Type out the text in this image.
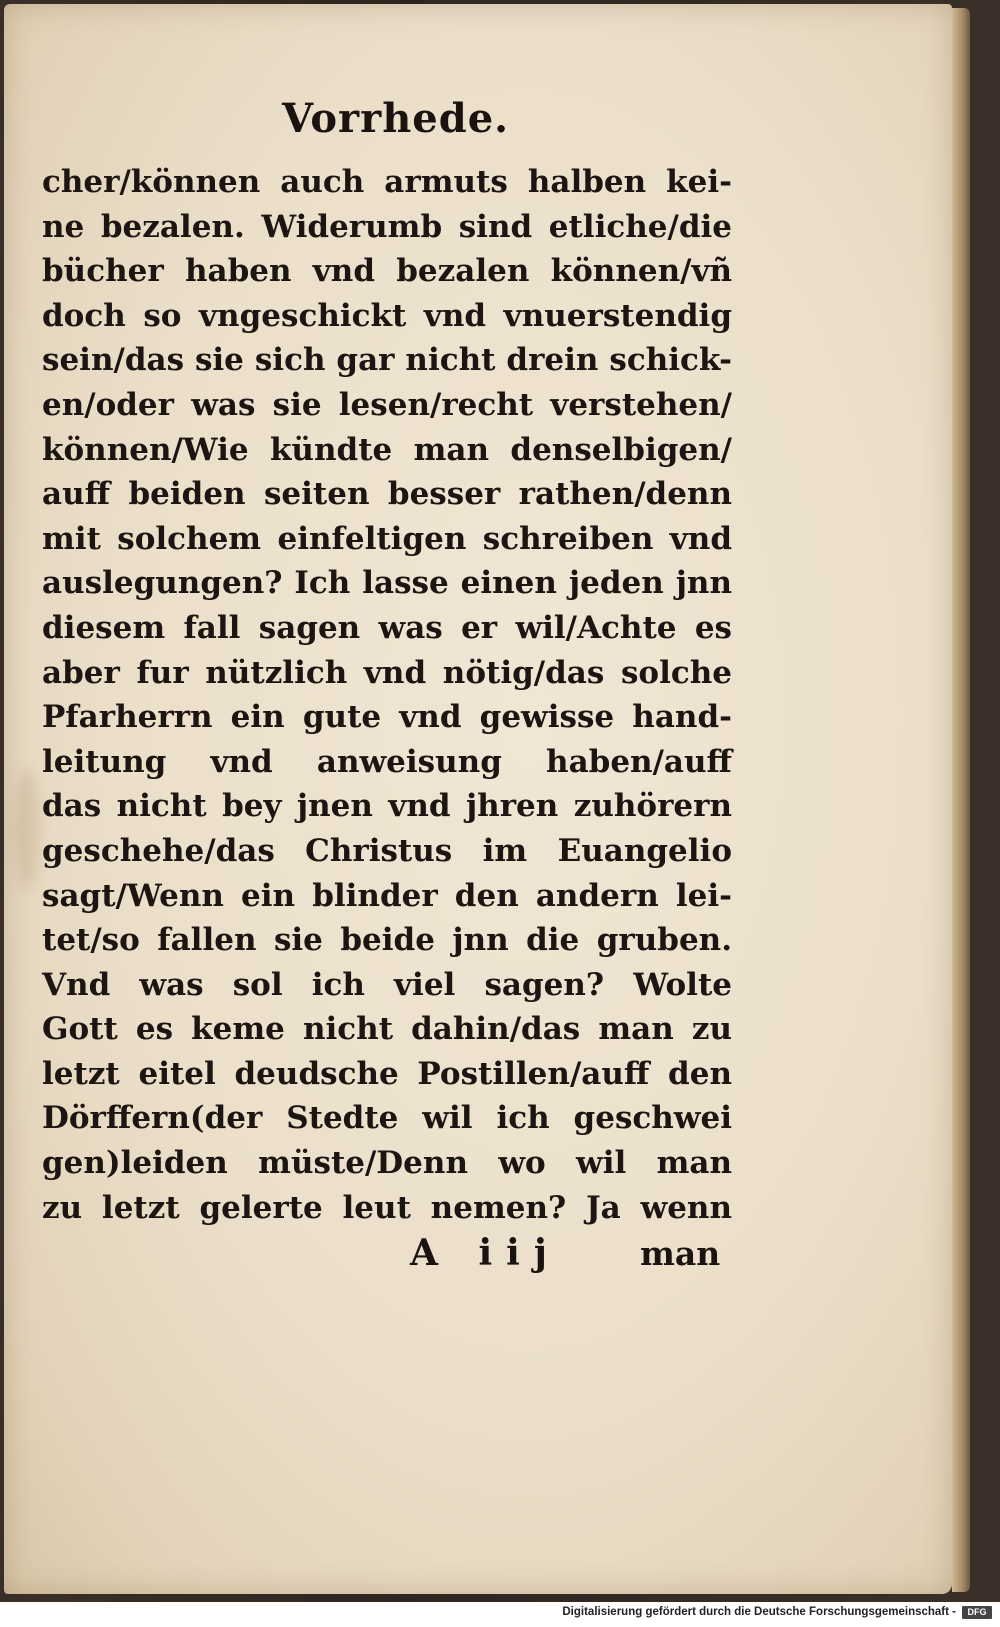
Vorrhede.
cher/können auch armuts halben kei-
ne bezalen. Widerumb sind etliche/die
bücher haben vnd bezalen können/vñ
doch so vngeschickt vnd vnuerstendig
sein/das sie sich gar nicht drein schick-
en/oder was sie lesen/recht verstehen/
können/Wie kündte man denselbigen/
auff beiden seiten besser rathen/denn
mit solchem einfeltigen schreiben vnd
auslegungen? Ich lasse einen jeden jnn
diesem fall sagen was er wil/Achte es
aber fur nützlich vnd nötig/das solche
Pfarherrn ein gute vnd gewisse hand-
leitung vnd anweisung haben/auff
das nicht bey jnen vnd jhren zuhörern
geschehe/das Christus im Euangelio
sagt/Wenn ein blinder den andern lei-
tet/so fallen sie beide jnn die gruben.
Vnd was sol ich viel sagen? Wolte
Gott es keme nicht dahin/das man zu
letzt eitel deudsche Postillen/auff den
Dörffern(der Stedte wil ich geschwei
gen)leiden müste/Denn wo wil man
zu letzt gelerte leut nemen? Ja wenn
A iij man
Digitalisierung gefördert durch die Deutsche Forschungsgemeinschaft -	DFG
